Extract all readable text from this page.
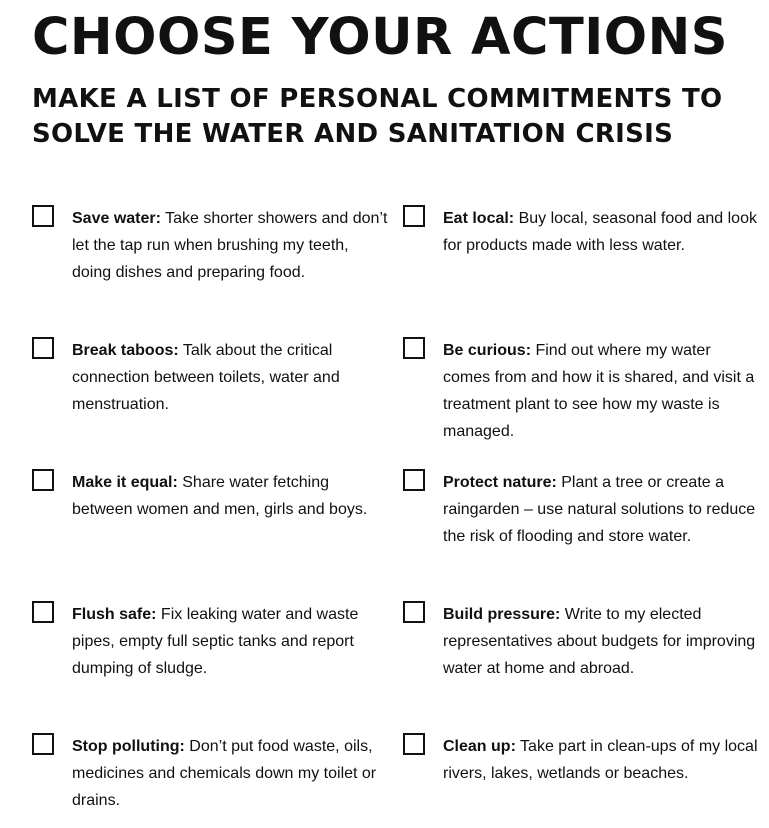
CHOOSE YOUR ACTIONS
MAKE A LIST OF PERSONAL COMMITMENTS TO SOLVE THE WATER AND SANITATION CRISIS

Save water: Take shorter showers and don’t let the tap run when brushing my teeth, doing dishes and preparing food.

Eat local: Buy local, seasonal food and look for products made with less water.

Break taboos: Talk about the critical connection between toilets, water and menstruation.

Be curious: Find out where my water comes from and how it is shared, and visit a treatment plant to see how my waste is managed.

Make it equal: Share water fetching between women and men, girls and boys.

Protect nature: Plant a tree or create a raingarden – use natural solutions to reduce the risk of flooding and store water.

Flush safe: Fix leaking water and waste pipes, empty full septic tanks and report dumping of sludge.

Build pressure: Write to my elected representatives about budgets for improving water at home and abroad.

Stop polluting: Don’t put food waste, oils, medicines and chemicals down my toilet or drains.

Clean up: Take part in clean-ups of my local rivers, lakes, wetlands or beaches.
